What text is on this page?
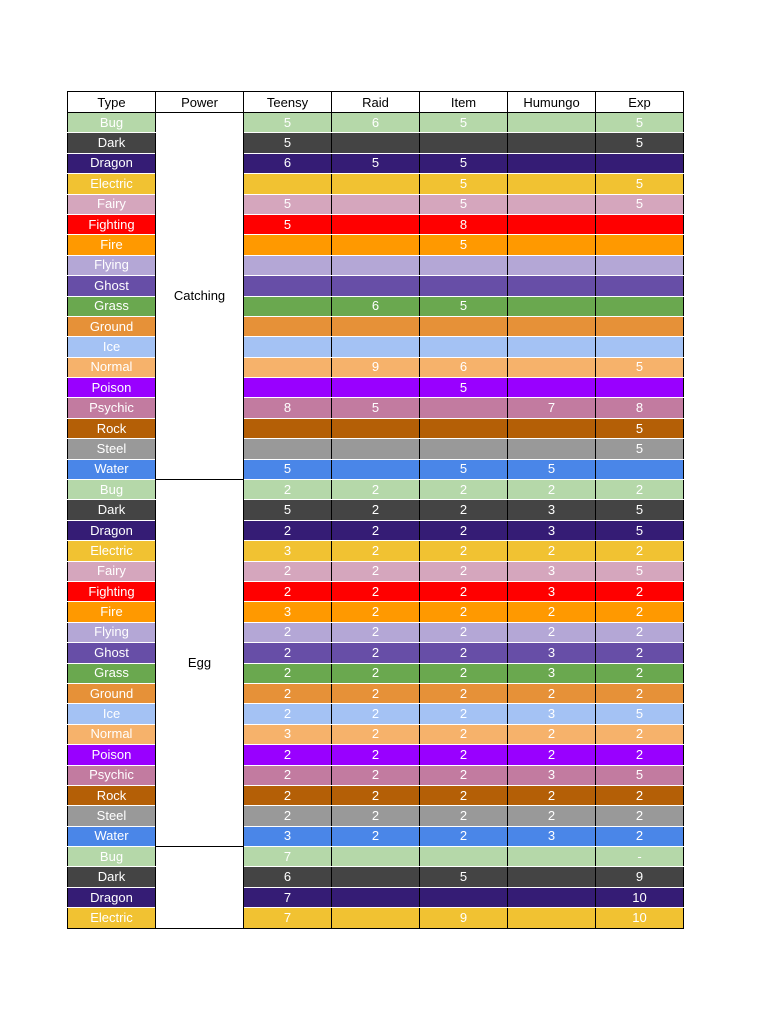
Type	Power	Teensy	Raid	Item	Humungo	Exp
Bug	Catching	5	6	5		5
Dark		5				5
Dragon		6	5	5		
Electric				5		5
Fairy		5		5		5
Fighting		5		8		
Fire				5		
Flying						
Ghost						
Grass			6	5		
Ground						
Ice						
Normal			9	6		5
Poison				5		
Psychic		8	5		7	8
Rock						5
Steel						5
Water		5		5	5	
Bug	Egg	2	2	2	2	2
Dark		5	2	2	3	5
Dragon		2	2	2	3	5
Electric		3	2	2	2	2
Fairy		2	2	2	3	5
Fighting		2	2	2	3	2
Fire		3	2	2	2	2
Flying		2	2	2	2	2
Ghost		2	2	2	3	2
Grass		2	2	2	3	2
Ground		2	2	2	2	2
Ice		2	2	2	3	5
Normal		3	2	2	2	2
Poison		2	2	2	2	2
Psychic		2	2	2	3	5
Rock		2	2	2	2	2
Steel		2	2	2	2	2
Water		3	2	2	3	2
Bug		7				-
Dark		6		5		9
Dragon		7				10
Electric		7		9		10
